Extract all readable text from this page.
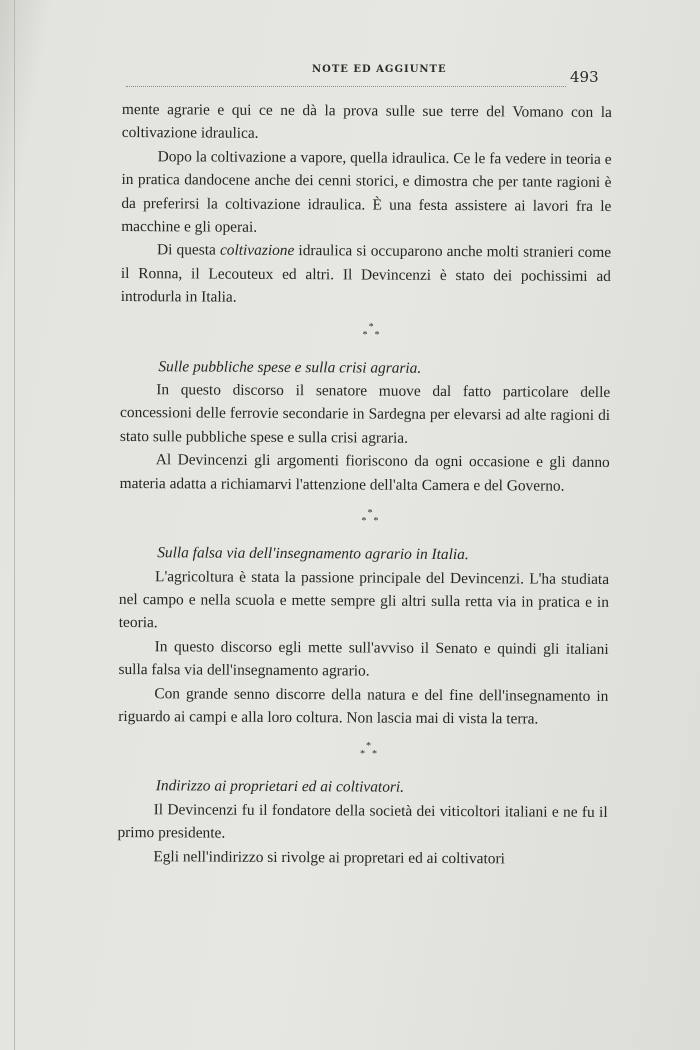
NOTE ED AGGIUNTE	493

mente agrarie e qui ce ne dà la prova sulle sue terre del Vomano con la coltivazione idraulica.

Dopo la coltivazione a vapore, quella idraulica. Ce le fa vedere in teoria e in pratica dandocene anche dei cenni storici, e dimostra che per tante ragioni è da preferirsi la coltivazione idraulica. È una festa assistere ai lavori fra le macchine e gli operai.

Di questa coltivazione idraulica si occuparono anche molti stranieri come il Ronna, il Lecouteux ed altri. Il Devincenzi è stato dei pochissimi ad introdurla in Italia.

*
* *

Sulle pubbliche spese e sulla crisi agraria.

In questo discorso il senatore muove dal fatto particolare delle concessioni delle ferrovie secondarie in Sardegna per elevarsi ad alte ragioni di stato sulle pubbliche spese e sulla crisi agraria.

Al Devincenzi gli argomenti fioriscono da ogni occasione e gli danno materia adatta a richiamarvi l'attenzione dell'alta Camera e del Governo.

*
* *

Sulla falsa via dell'insegnamento agrario in Italia.

L'agricoltura è stata la passione principale del Devincenzi. L'ha studiata nel campo e nella scuola e mette sempre gli altri sulla retta via in pratica e in teoria.

In questo discorso egli mette sull'avviso il Senato e quindi gli italiani sulla falsa via dell'insegnamento agrario.

Con grande senno discorre della natura e del fine dell'insegnamento in riguardo ai campi e alla loro coltura. Non lascia mai di vista la terra.

*
* *

Indirizzo ai proprietari ed ai coltivatori.

Il Devincenzi fu il fondatore della società dei viticoltori italiani e ne fu il primo presidente.

Egli nell'indirizzo si rivolge ai propretari ed ai coltivatori
